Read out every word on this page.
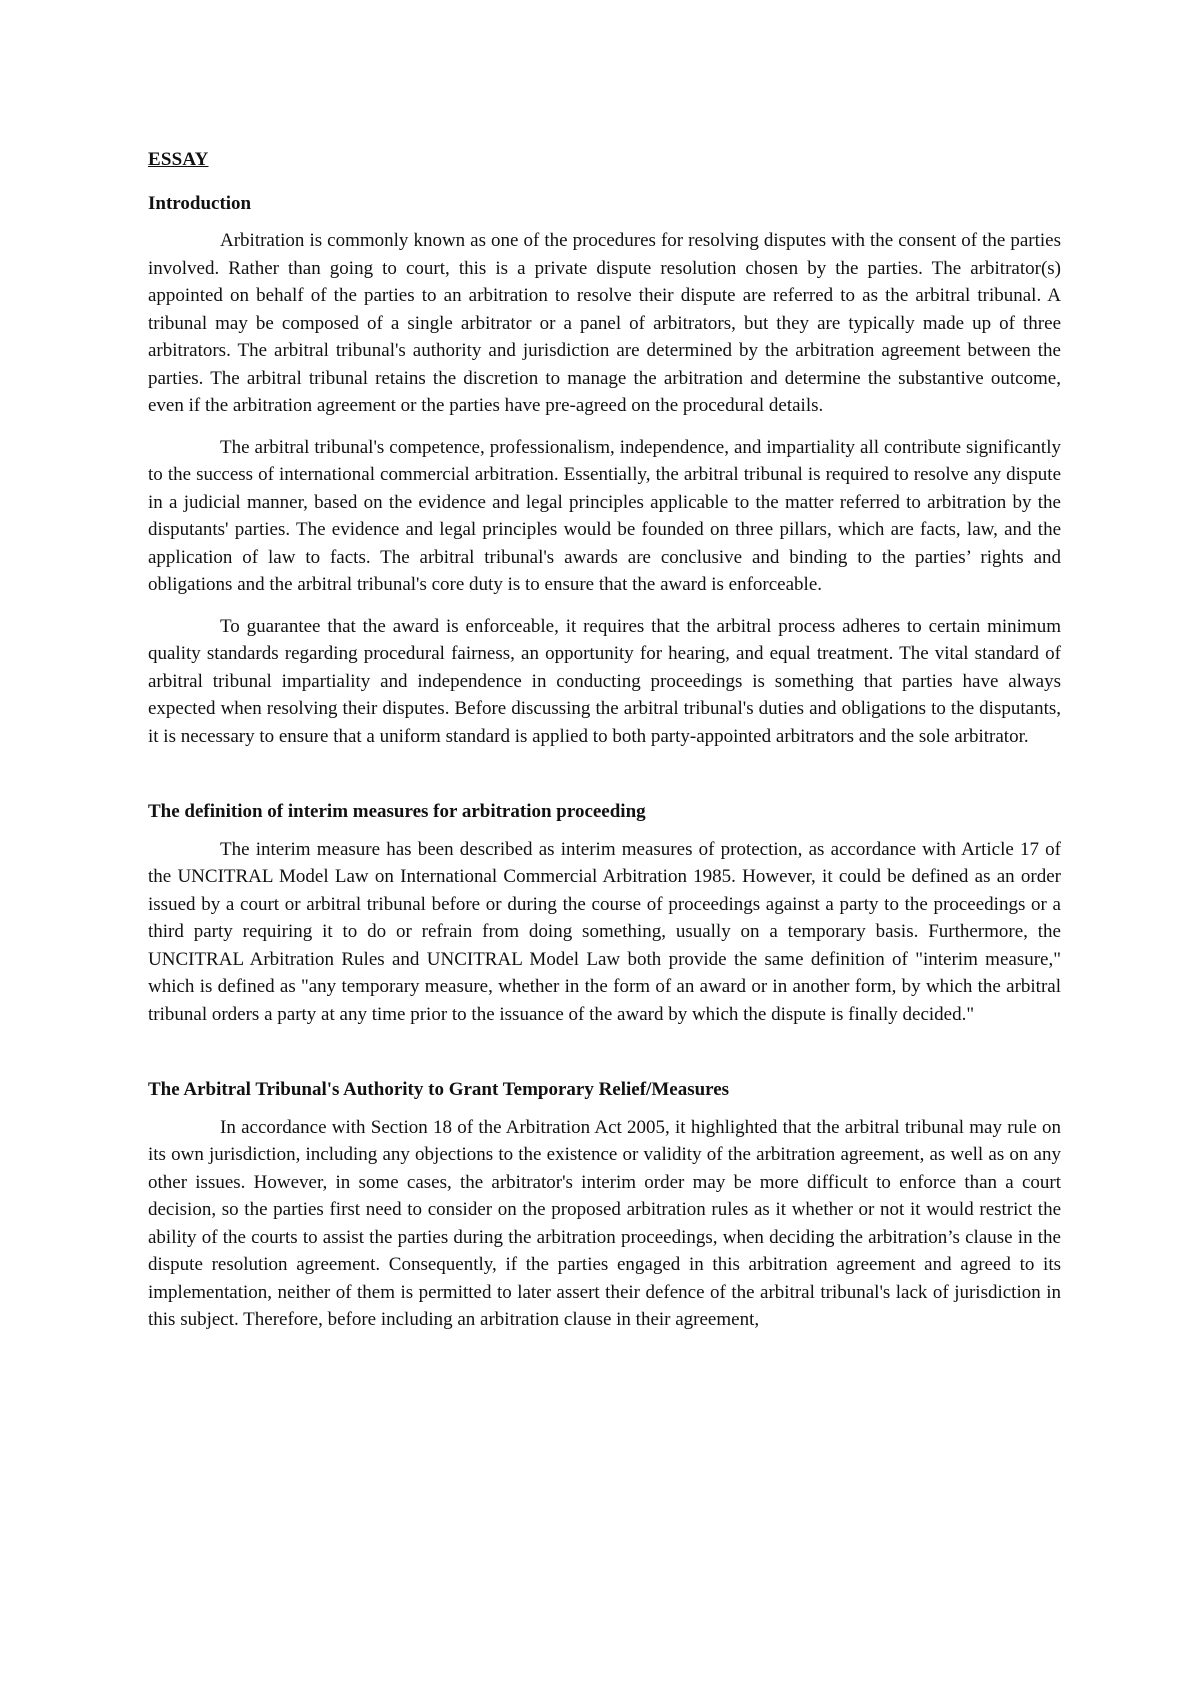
ESSAY
Introduction

Arbitration is commonly known as one of the procedures for resolving disputes with the consent of the parties involved. Rather than going to court, this is a private dispute resolution chosen by the parties. The arbitrator(s) appointed on behalf of the parties to an arbitration to resolve their dispute are referred to as the arbitral tribunal. A tribunal may be composed of a single arbitrator or a panel of arbitrators, but they are typically made up of three arbitrators. The arbitral tribunal's authority and jurisdiction are determined by the arbitration agreement between the parties. The arbitral tribunal retains the discretion to manage the arbitration and determine the substantive outcome, even if the arbitration agreement or the parties have pre-agreed on the procedural details.

The arbitral tribunal's competence, professionalism, independence, and impartiality all contribute significantly to the success of international commercial arbitration. Essentially, the arbitral tribunal is required to resolve any dispute in a judicial manner, based on the evidence and legal principles applicable to the matter referred to arbitration by the disputants' parties. The evidence and legal principles would be founded on three pillars, which are facts, law, and the application of law to facts. The arbitral tribunal's awards are conclusive and binding to the parties’ rights and obligations and the arbitral tribunal's core duty is to ensure that the award is enforceable.

To guarantee that the award is enforceable, it requires that the arbitral process adheres to certain minimum quality standards regarding procedural fairness, an opportunity for hearing, and equal treatment. The vital standard of arbitral tribunal impartiality and independence in conducting proceedings is something that parties have always expected when resolving their disputes. Before discussing the arbitral tribunal's duties and obligations to the disputants, it is necessary to ensure that a uniform standard is applied to both party-appointed arbitrators and the sole arbitrator.

The definition of interim measures for arbitration proceeding

The interim measure has been described as interim measures of protection, as accordance with Article 17 of the UNCITRAL Model Law on International Commercial Arbitration 1985. However, it could be defined as an order issued by a court or arbitral tribunal before or during the course of proceedings against a party to the proceedings or a third party requiring it to do or refrain from doing something, usually on a temporary basis. Furthermore, the UNCITRAL Arbitration Rules and UNCITRAL Model Law both provide the same definition of "interim measure," which is defined as "any temporary measure, whether in the form of an award or in another form, by which the arbitral tribunal orders a party at any time prior to the issuance of the award by which the dispute is finally decided."

The Arbitral Tribunal's Authority to Grant Temporary Relief/Measures

In accordance with Section 18 of the Arbitration Act 2005, it highlighted that the arbitral tribunal may rule on its own jurisdiction, including any objections to the existence or validity of the arbitration agreement, as well as on any other issues. However, in some cases, the arbitrator's interim order may be more difficult to enforce than a court decision, so the parties first need to consider on the proposed arbitration rules as it whether or not it would restrict the ability of the courts to assist the parties during the arbitration proceedings, when deciding the arbitration’s clause in the dispute resolution agreement. Consequently, if the parties engaged in this arbitration agreement and agreed to its implementation, neither of them is permitted to later assert their defence of the arbitral tribunal's lack of jurisdiction in this subject. Therefore, before including an arbitration clause in their agreement,
